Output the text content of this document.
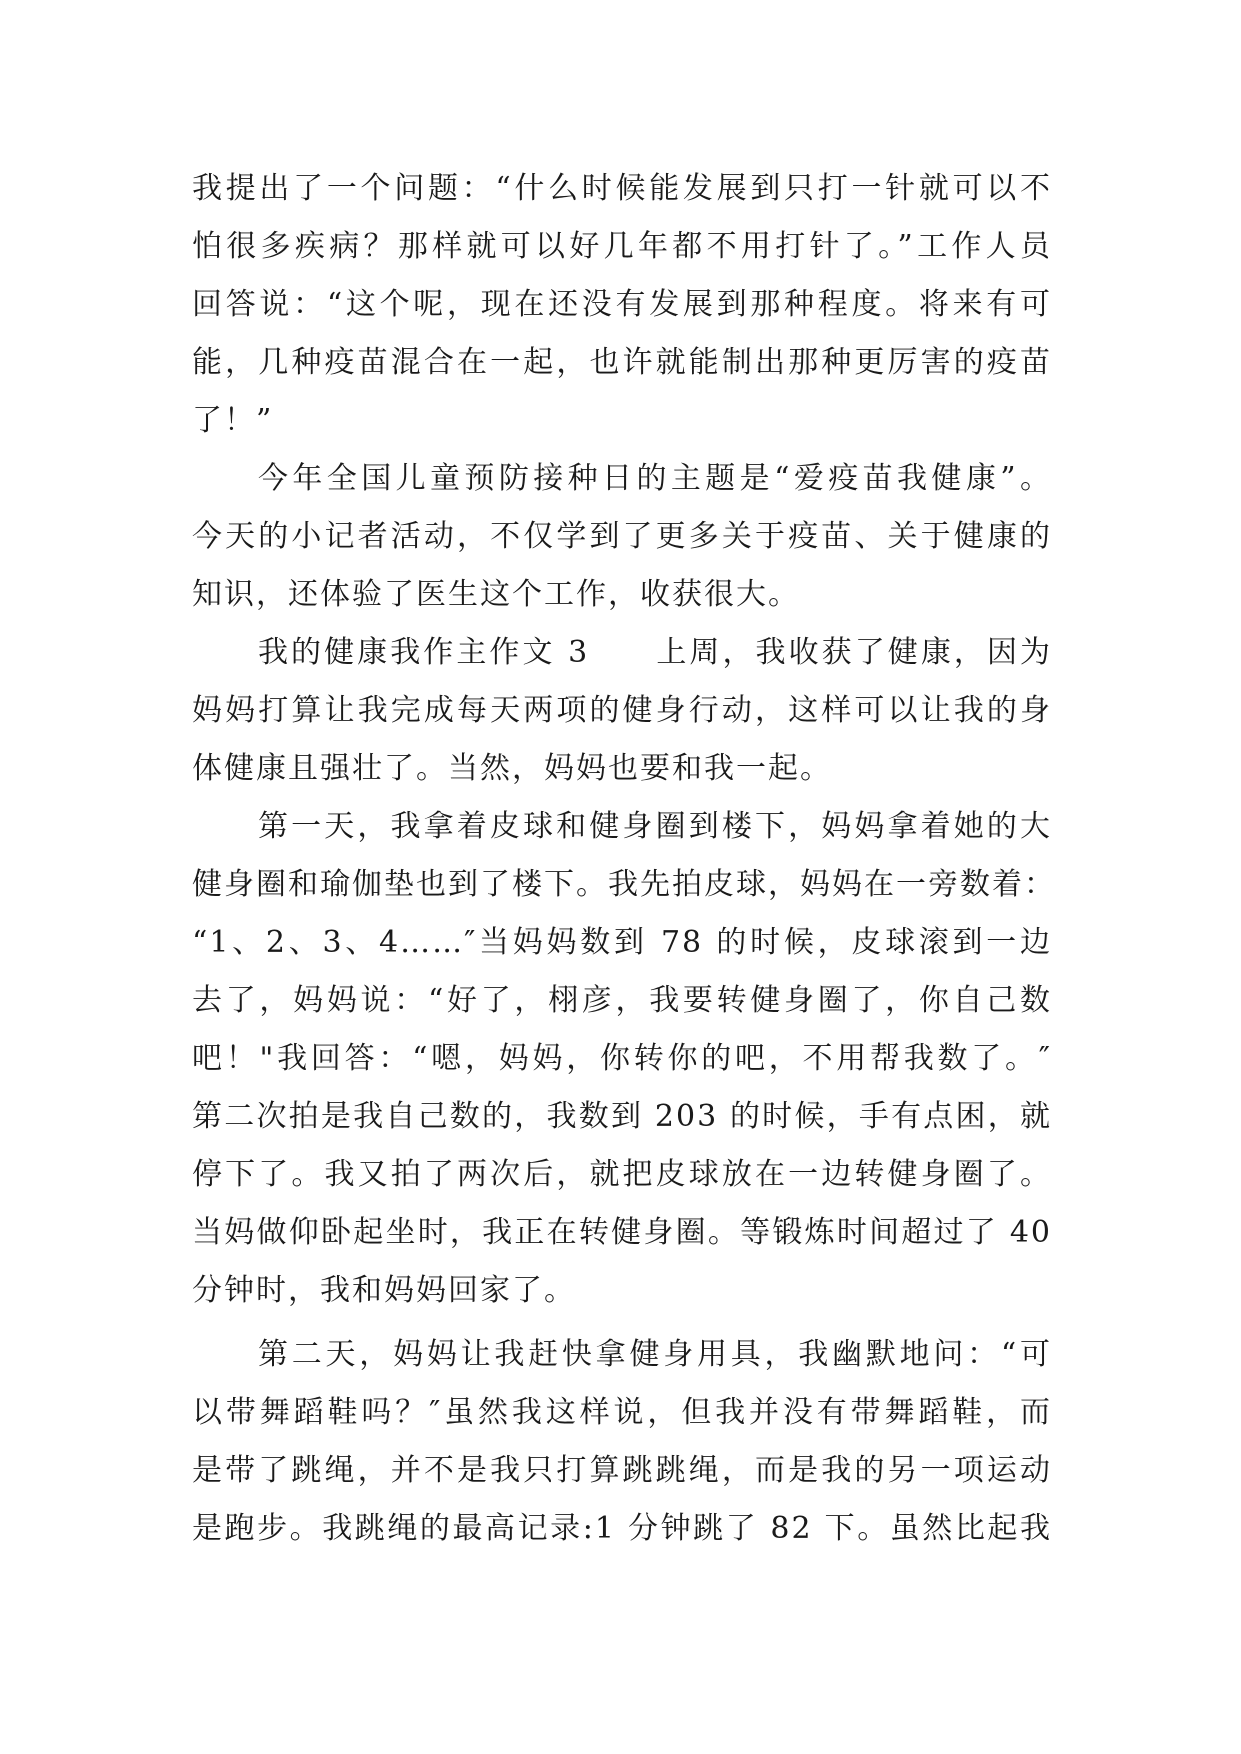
我提出了一个问题：“什么时候能发展到只打一针就可以不
怕很多疾病？那样就可以好几年都不用打针了。”工作人员
回答说：“这个呢，现在还没有发展到那种程度。将来有可
能，几种疫苗混合在一起，也许就能制出那种更厉害的疫苗
了！”
今年全国儿童预防接种日的主题是“爱疫苗我健康”。
今天的小记者活动，不仅学到了更多关于疫苗、关于健康的
知识，还体验了医生这个工作，收获很大。
我的健康我作主作文 3　　上周，我收获了健康，因为
妈妈打算让我完成每天两项的健身行动，这样可以让我的身
体健康且强壮了。当然，妈妈也要和我一起。
第一天，我拿着皮球和健身圈到楼下，妈妈拿着她的大
健身圈和瑜伽垫也到了楼下。我先拍皮球，妈妈在一旁数着：
“1、2、3、4……″当妈妈数到 78 的时候，皮球滚到一边
去了，妈妈说：“好了，栩彦，我要转健身圈了，你自己数
吧！"我回答：“嗯，妈妈，你转你的吧，不用帮我数了。″
第二次拍是我自己数的，我数到 203 的时候，手有点困，就
停下了。我又拍了两次后，就把皮球放在一边转健身圈了。
当妈做仰卧起坐时，我正在转健身圈。等锻炼时间超过了 40
分钟时，我和妈妈回家了。
第二天，妈妈让我赶快拿健身用具，我幽默地问：“可
以带舞蹈鞋吗？″虽然我这样说，但我并没有带舞蹈鞋，而
是带了跳绳，并不是我只打算跳跳绳，而是我的另一项运动
是跑步。我跳绳的最高记录:1 分钟跳了 82 下。虽然比起我
